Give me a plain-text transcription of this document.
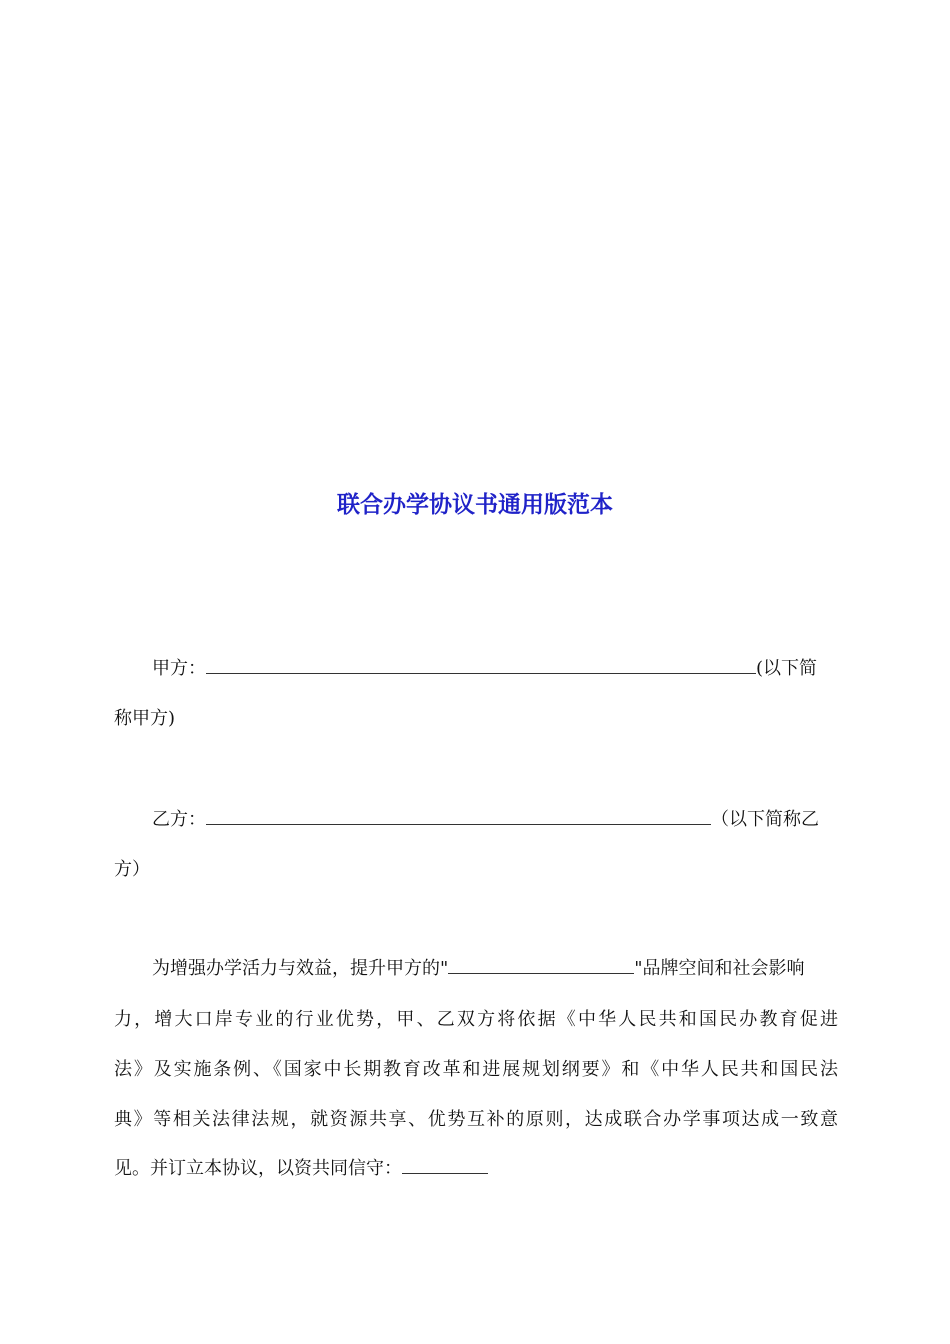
联合办学协议书通用版范本
甲方：	(以下简
称甲方)
乙方：	（以下简称乙
方）
为增强办学活力与效益，提升甲方的"	"品牌空间和社会影响
力，增大口岸专业的行业优势，甲、乙双方将依据《中华人民共和国民办教育促进
法》及实施条例、《国家中长期教育改革和进展规划纲要》和《中华人民共和国民法
典》等相关法律法规，就资源共享、优势互补的原则，达成联合办学事项达成一致意
见。并订立本协议，以资共同信守：
